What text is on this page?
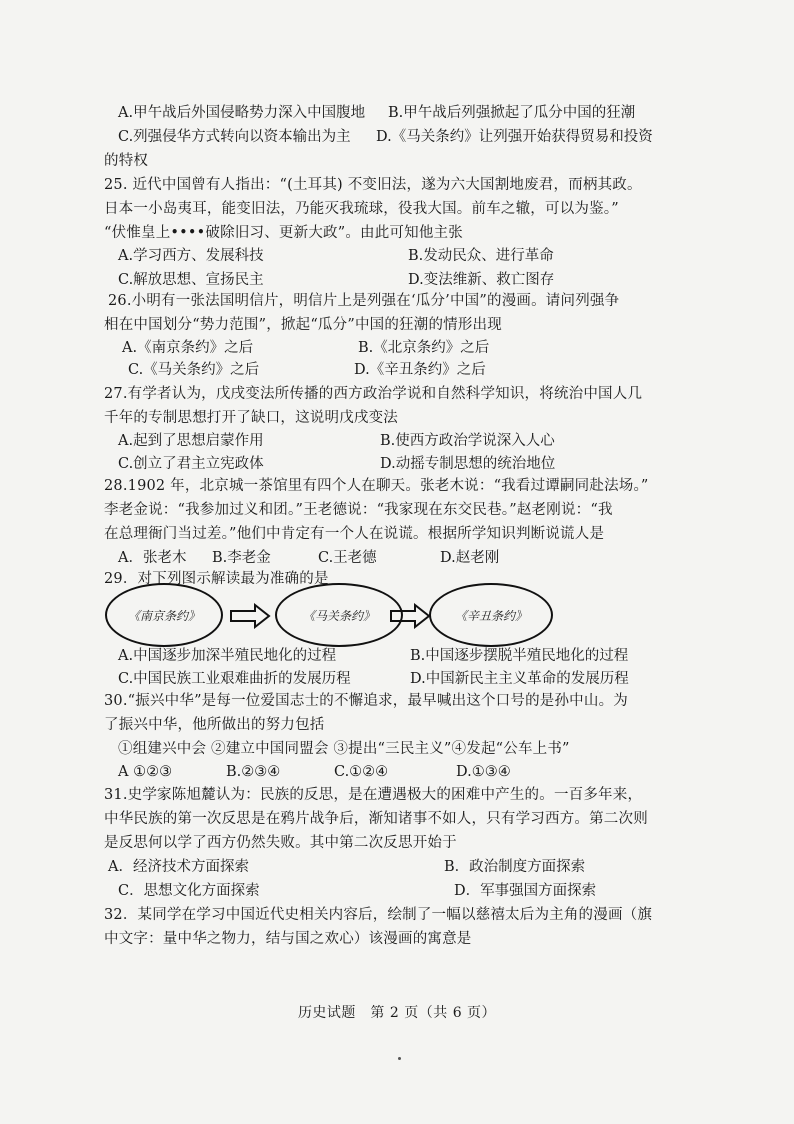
A.甲午战后外国侵略势力深入中国腹地 B.甲午战后列强掀起了瓜分中国的狂潮
C.列强侵华方式转向以资本输出为主 D.《马关条约》让列强开始获得贸易和投资
的特权
25. 近代中国曾有人指出：“(土耳其) 不变旧法，遂为六大国割地废君，而柄其政。
日本一小岛夷耳，能变旧法，乃能灭我琉球，役我大国。前车之辙，可以为鉴。”
“伏惟皇上••••破除旧习、更新大政”。由此可知他主张
A.学习西方、发展科技	B.发动民众、进行革命
C.解放思想、宣扬民主	D.变法维新、救亡图存
26.小明有一张法国明信片，明信片上是列强在‘瓜分’中国”的漫画。请问列强争
相在中国划分“势力范围”，掀起“瓜分”中国的狂潮的情形出现
A.《南京条约》之后	B.《北京条约》之后
C.《马关条约》之后	D.《辛丑条约》之后
27.有学者认为，戊戌变法所传播的西方政治学说和自然科学知识，将统治中国人几
千年的专制思想打开了缺口，这说明戊戌变法
A.起到了思想启蒙作用	B.使西方政治学说深入人心
C.创立了君主立宪政体	D.动摇专制思想的统治地位
28.1902 年，北京城一茶馆里有四个人在聊天。张老木说：“我看过谭嗣同赴法场。”
李老金说：“我参加过义和团。”王老德说：“我家现在东交民巷。”赵老刚说：“我
在总理衙门当过差。”他们中肯定有一个人在说谎。根据所学知识判断说谎人是
A．张老木 B.李老金	C.王老德	D.赵老刚
29．对下列图示解读最为准确的是
《南京条约》	《马关条约》	《辛丑条约》
A.中国逐步加深半殖民地化的过程	B.中国逐步摆脱半殖民地化的过程
C.中国民族工业艰难曲折的发展历程	D.中国新民主主义革命的发展历程
30.“振兴中华”是每一位爱国志士的不懈追求，最早喊出这个口号的是孙中山。为
了振兴中华，他所做出的努力包括
①组建兴中会 ②建立中国同盟会 ③提出“三民主义”④发起“公车上书”
A ①②③	B.②③④	C.①②④	D.①③④
31.史学家陈旭麓认为：民族的反思，是在遭遇极大的困难中产生的。一百多年来，
中华民族的第一次反思是在鸦片战争后，渐知诸事不如人，只有学习西方。第二次则
是反思何以学了西方仍然失败。其中第二次反思开始于
A．经济技术方面探索	B．政治制度方面探索
C．思想文化方面探索	D．军事强国方面探索
32．某同学在学习中国近代史相关内容后，绘制了一幅以慈禧太后为主角的漫画（旗
中文字：量中华之物力，结与国之欢心）该漫画的寓意是
历史试题　第 2 页（共 6 页）
